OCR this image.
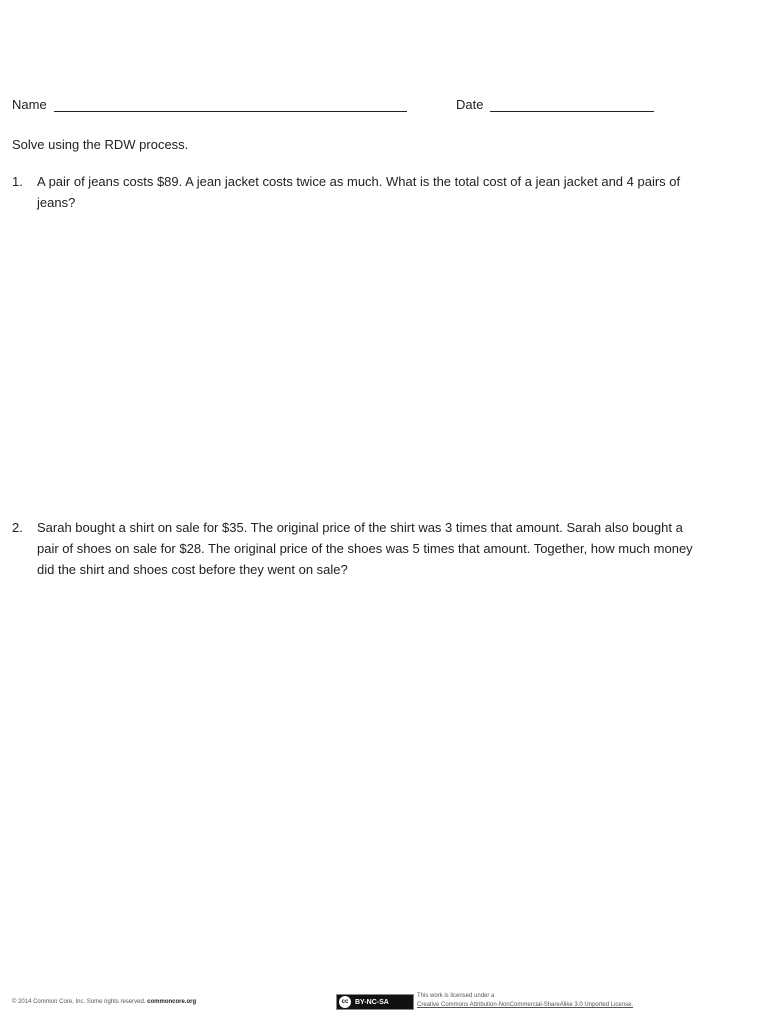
Name	Date
Solve using the RDW process.
1.	A pair of jeans costs $89. A jean jacket costs twice as much. What is the total cost of a jean jacket and 4 pairs of jeans?
2.	Sarah bought a shirt on sale for $35. The original price of the shirt was 3 times that amount. Sarah also bought a pair of shoes on sale for $28. The original price of the shoes was 5 times that amount. Together, how much money did the shirt and shoes cost before they went on sale?
© 2014 Common Core, Inc. Some rights reserved. commoncore.org	cc BY-NC-SA
This work is licensed under a
Creative Commons Attribution-NonCommercial-ShareAlike 3.0 Unported License.
